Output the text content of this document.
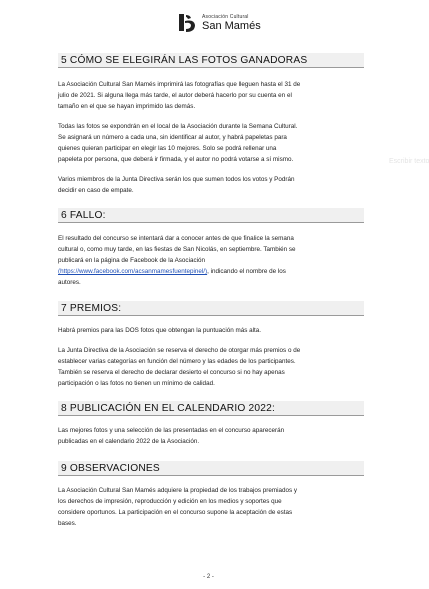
Asociación Cultural
San Mamés
Escribir texto
5 CÓMO SE ELEGIRÁN LAS FOTOS GANADORAS

La Asociación Cultural San Mamés imprimirá las fotografías que lleguen hasta el 31 de

julio de 2021. Si alguna llega más tarde, el autor deberá hacerlo por su cuenta en el

tamaño en el que se hayan imprimido las demás.

Todas las fotos se expondrán en el local de la Asociación durante la Semana Cultural.

Se asignará un número a cada una, sin identificar al autor, y habrá papeletas para

quienes quieran participar en elegir las 10 mejores. Solo se podrá rellenar una

papeleta por persona, que deberá ir firmada, y el autor no podrá votarse a sí mismo.

Varios miembros de la Junta Directiva serán los que sumen todos los votos y Podrán

decidir en caso de empate.

6 FALLO:

El resultado del concurso se intentará dar a conocer antes de que finalice la semana

cultural o, como muy tarde, en las fiestas de San Nicolás, en septiembre. También se

publicará en la página de Facebook de la Asociación

(https://www.facebook.com/acsanmamesfuentepinel/), indicando el nombre de los

autores.

7 PREMIOS:

Habrá premios para las DOS fotos que obtengan la puntuación más alta.

La Junta Directiva de la Asociación se reserva el derecho de otorgar más premios o de

establecer varias categorías en función del número y las edades de los participantes.

También se reserva el derecho de declarar desierto el concurso si no hay apenas

participación o las fotos no tienen un mínimo de calidad.

8 PUBLICACIÓN EN EL CALENDARIO 2022:

Las mejores fotos y una selección de las presentadas en el concurso aparecerán

publicadas en el calendario 2022 de la Asociación.

9 OBSERVACIONES

La Asociación Cultural San Mamés adquiere la propiedad de los trabajos premiados y

los derechos de impresión, reproducción y edición en los medios y soportes que

considere oportunos. La participación en el concurso supone la aceptación de estas

bases.

- 2 -
